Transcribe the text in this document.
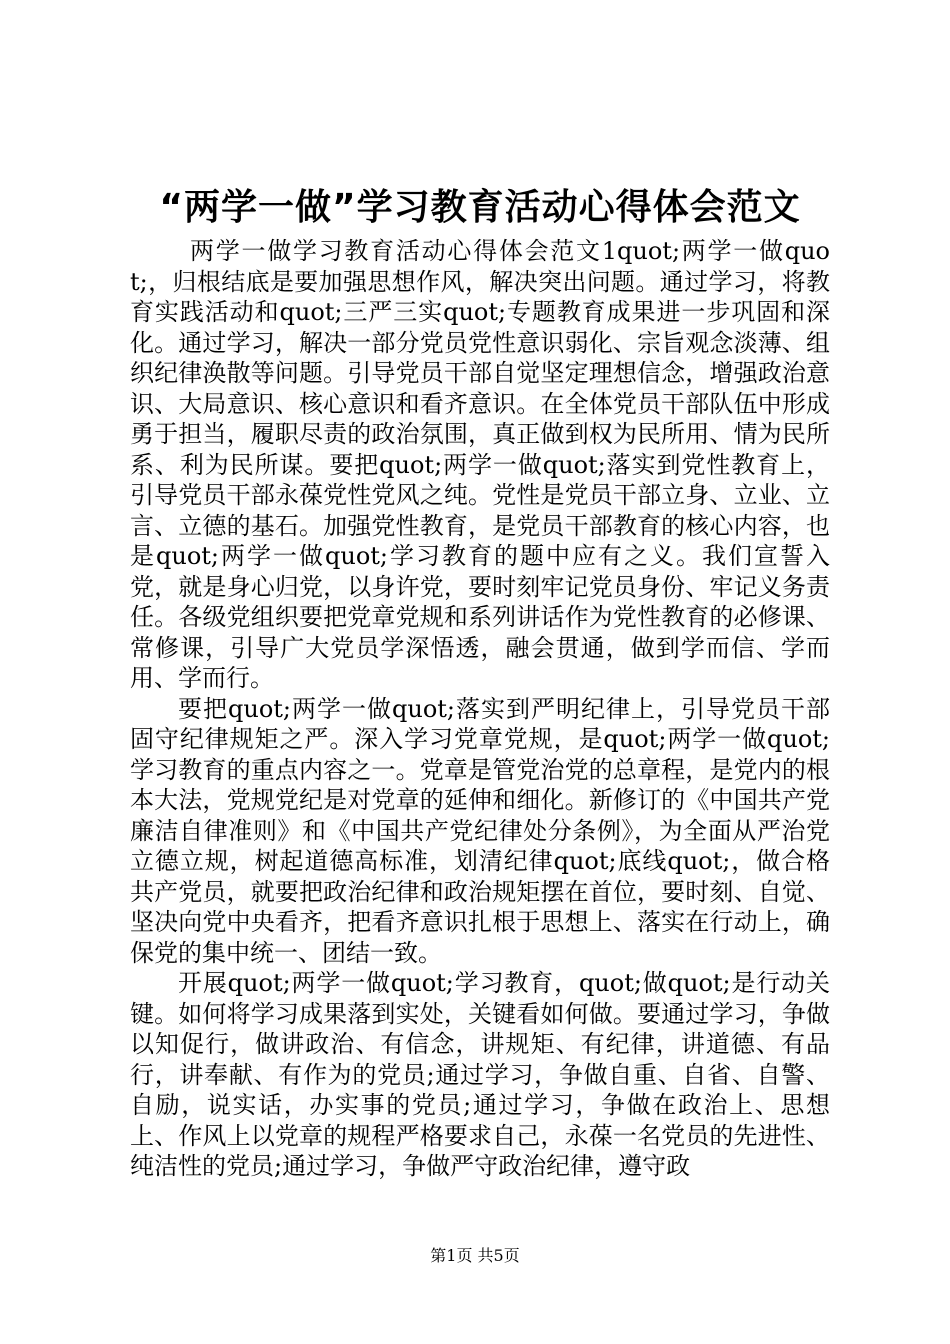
“两学一做”学习教育活动心得体会范文

两学一做学习教育活动心得体会范文1quot;两学一做quot;，归根结底是要加强思想作风，解决突出问题。通过学习，将教育实践活动和quot;三严三实quot;专题教育成果进一步巩固和深化。通过学习，解决一部分党员党性意识弱化、宗旨观念淡薄、组织纪律涣散等问题。引导党员干部自觉坚定理想信念，增强政治意识、大局意识、核心意识和看齐意识。在全体党员干部队伍中形成勇于担当，履职尽责的政治氛围，真正做到权为民所用、情为民所系、利为民所谋。要把quot;两学一做quot;落实到党性教育上，引导党员干部永葆党性党风之纯。党性是党员干部立身、立业、立言、立德的基石。加强党性教育，是党员干部教育的核心内容，也是quot;两学一做quot;学习教育的题中应有之义。我们宣誓入党，就是身心归党，以身许党，要时刻牢记党员身份、牢记义务责任。各级党组织要把党章党规和系列讲话作为党性教育的必修课、常修课，引导广大党员学深悟透，融会贯通，做到学而信、学而用、学而行。

要把quot;两学一做quot;落实到严明纪律上，引导党员干部固守纪律规矩之严。深入学习党章党规，是quot;两学一做quot;学习教育的重点内容之一。党章是管党治党的总章程，是党内的根本大法，党规党纪是对党章的延伸和细化。新修订的《中国共产党廉洁自律准则》和《中国共产党纪律处分条例》，为全面从严治党立德立规，树起道德高标准，划清纪律quot;底线quot;，做合格共产党员，就要把政治纪律和政治规矩摆在首位，要时刻、自觉、坚决向党中央看齐，把看齐意识扎根于思想上、落实在行动上，确保党的集中统一、团结一致。

开展quot;两学一做quot;学习教育，quot;做quot;是行动关键。如何将学习成果落到实处，关键看如何做。要通过学习，争做以知促行，做讲政治、有信念，讲规矩、有纪律，讲道德、有品行，讲奉献、有作为的党员;通过学习，争做自重、自省、自警、自励，说实话，办实事的党员;通过学习，争做在政治上、思想上、作风上以党章的规程严格要求自己，永葆一名党员的先进性、纯洁性的党员;通过学习，争做严守政治纪律，遵守政

第1页 共5页
